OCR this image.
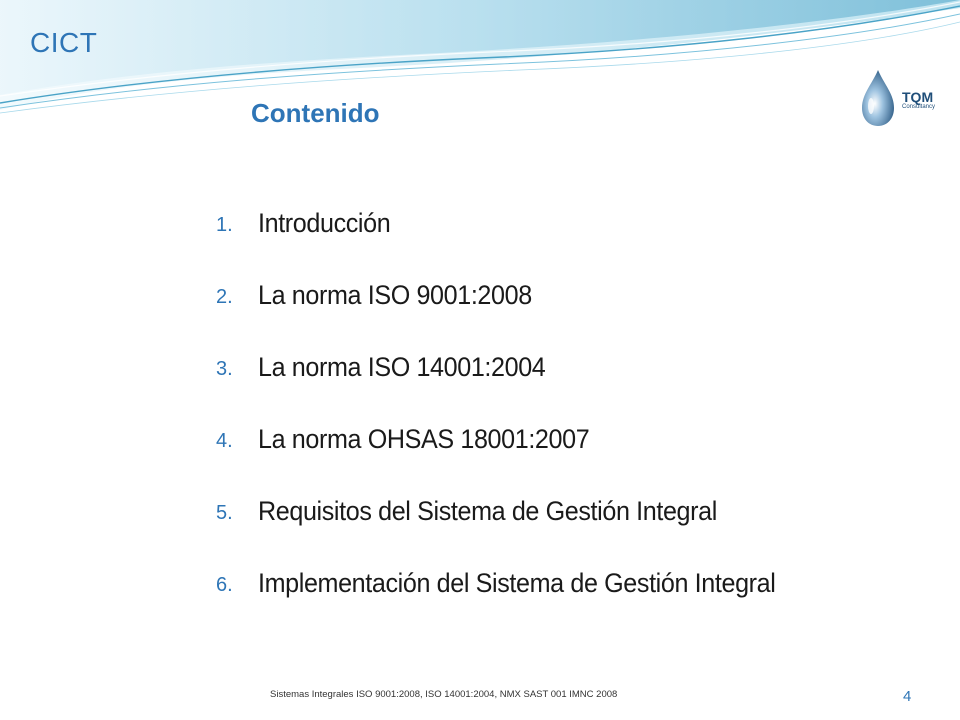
CICT
TQM
Consultancy
Contenido
1. Introducción
2. La norma ISO 9001:2008
3. La norma ISO 14001:2004
4. La norma OHSAS 18001:2007
5. Requisitos del Sistema de Gestión Integral
6. Implementación del Sistema de Gestión Integral
Sistemas Integrales ISO 9001:2008, ISO 14001:2004, NMX SAST 001 IMNC 2008	4
